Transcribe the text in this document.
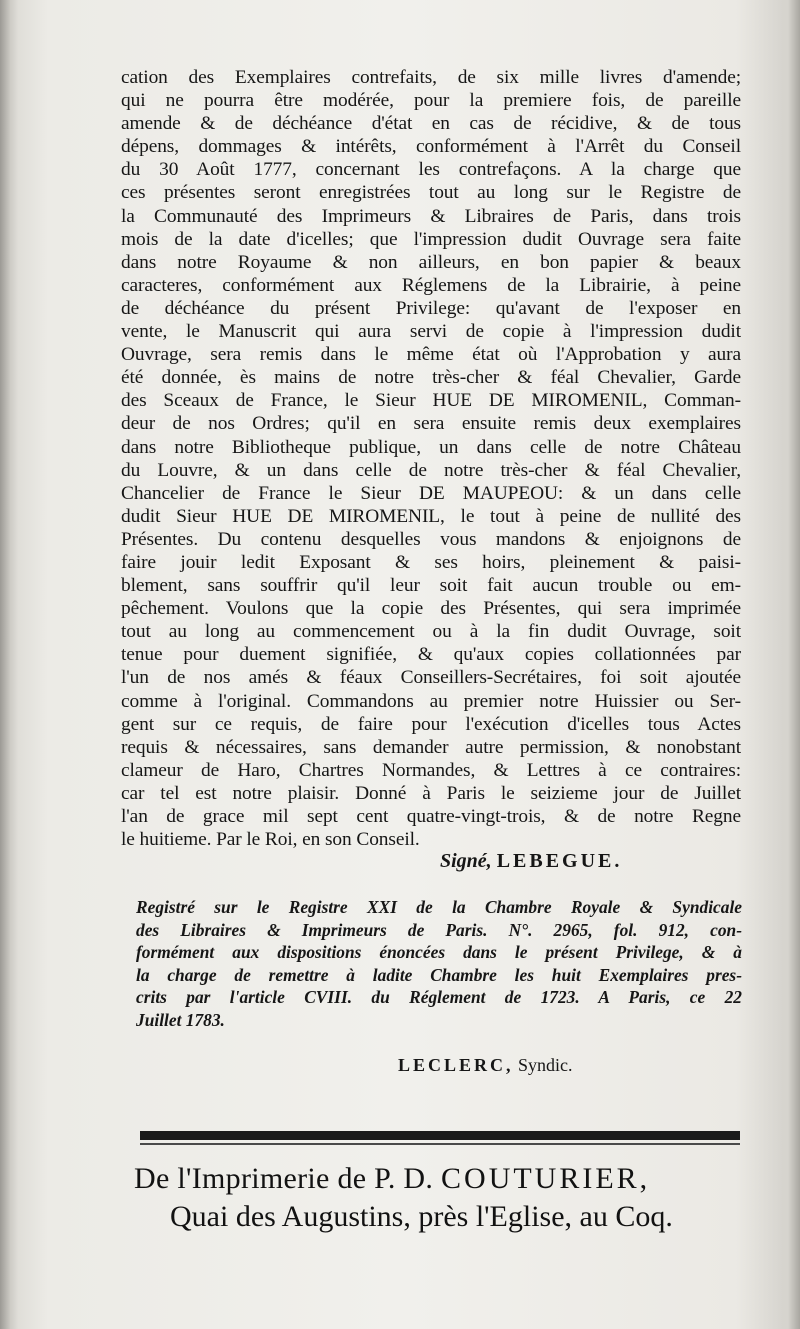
cation des Exemplaires contrefaits, de six mille livres d'amende;
qui ne pourra être modérée, pour la premiere fois, de pareille
amende & de déchéance d'état en cas de récidive, & de tous
dépens, dommages & intérêts, conformément à l'Arrêt du Conseil
du 30 Août 1777, concernant les contrefaçons. A la charge que
ces présentes seront enregistrées tout au long sur le Registre de
la Communauté des Imprimeurs & Libraires de Paris, dans trois
mois de la date d'icelles; que l'impression dudit Ouvrage sera faite
dans notre Royaume & non ailleurs, en bon papier & beaux
caracteres, conformément aux Réglemens de la Librairie, à peine
de déchéance du présent Privilege: qu'avant de l'exposer en
vente, le Manuscrit qui aura servi de copie à l'impression dudit
Ouvrage, sera remis dans le même état où l'Approbation y aura
été donnée, ès mains de notre très-cher & féal Chevalier, Garde
des Sceaux de France, le Sieur HUE DE MIROMENIL, Comman-
deur de nos Ordres; qu'il en sera ensuite remis deux exemplaires
dans notre Bibliotheque publique, un dans celle de notre Château
du Louvre, & un dans celle de notre très-cher & féal Chevalier,
Chancelier de France le Sieur DE MAUPEOU: & un dans celle
dudit Sieur HUE DE MIROMENIL, le tout à peine de nullité des
Présentes. Du contenu desquelles vous mandons & enjoignons de
faire jouir ledit Exposant & ses hoirs, pleinement & paisi-
blement, sans souffrir qu'il leur soit fait aucun trouble ou em-
pêchement. Voulons que la copie des Présentes, qui sera imprimée
tout au long au commencement ou à la fin dudit Ouvrage, soit
tenue pour duement signifiée, & qu'aux copies collationnées par
l'un de nos amés & féaux Conseillers-Secrétaires, foi soit ajoutée
comme à l'original. Commandons au premier notre Huissier ou Ser-
gent sur ce requis, de faire pour l'exécution d'icelles tous Actes
requis & nécessaires, sans demander autre permission, & nonobstant
clameur de Haro, Chartres Normandes, & Lettres à ce contraires:
car tel est notre plaisir. Donné à Paris le seizieme jour de Juillet
l'an de grace mil sept cent quatre-vingt-trois, & de notre Regne
le huitieme. Par le Roi, en son Conseil.
Signé, LEBEGUE.
Registré sur le Registre XXI de la Chambre Royale & Syndicale
des Libraires & Imprimeurs de Paris. N°. 2965, fol. 912, con-
formément aux dispositions énoncées dans le présent Privilege, & à
la charge de remettre à ladite Chambre les huit Exemplaires pres-
crits par l'article CVIII. du Réglement de 1723. A Paris, ce 22
Juillet 1783.
LECLERC, Syndic.
De l'Imprimerie de P. D. COUTURIER,
Quai des Augustins, près l'Eglise, au Coq.
